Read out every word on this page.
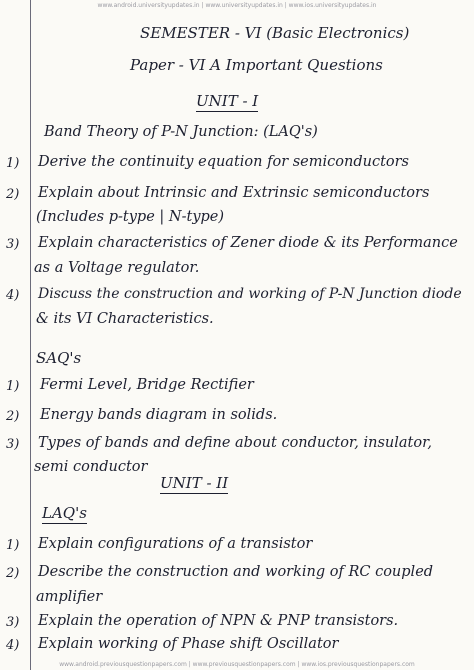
www.android.universityupdates.in | www.universityupdates.in | www.ios.universityupdates.in
SEMESTER - VI (Basic Electronics)
Paper - VI A Important Questions
UNIT - I
Band Theory of P-N Junction: (LAQ's)
1) Derive the continuity equation for semiconductors
2) Explain about Intrinsic and Extrinsic semiconductors
(Includes p-type | N-type)
3) Explain characteristics of Zener diode & its Performance
as a Voltage regulator.
4) Discuss the construction and working of P-N Junction diode
& its VI Characteristics.
SAQ's
1) Fermi Level, Bridge Rectifier
2) Energy bands diagram in solids.
3) Types of bands and define about conductor, insulator,
semi conductor
UNIT - II
LAQ's
1) Explain configurations of a transistor
2) Describe the construction and working of RC coupled
amplifier
3) Explain the operation of NPN & PNP transistors.
4) Explain working of Phase shift Oscillator
www.android.previousquestionpapers.com | www.previousquestionpapers.com | www.ios.previousquestionpapers.com
